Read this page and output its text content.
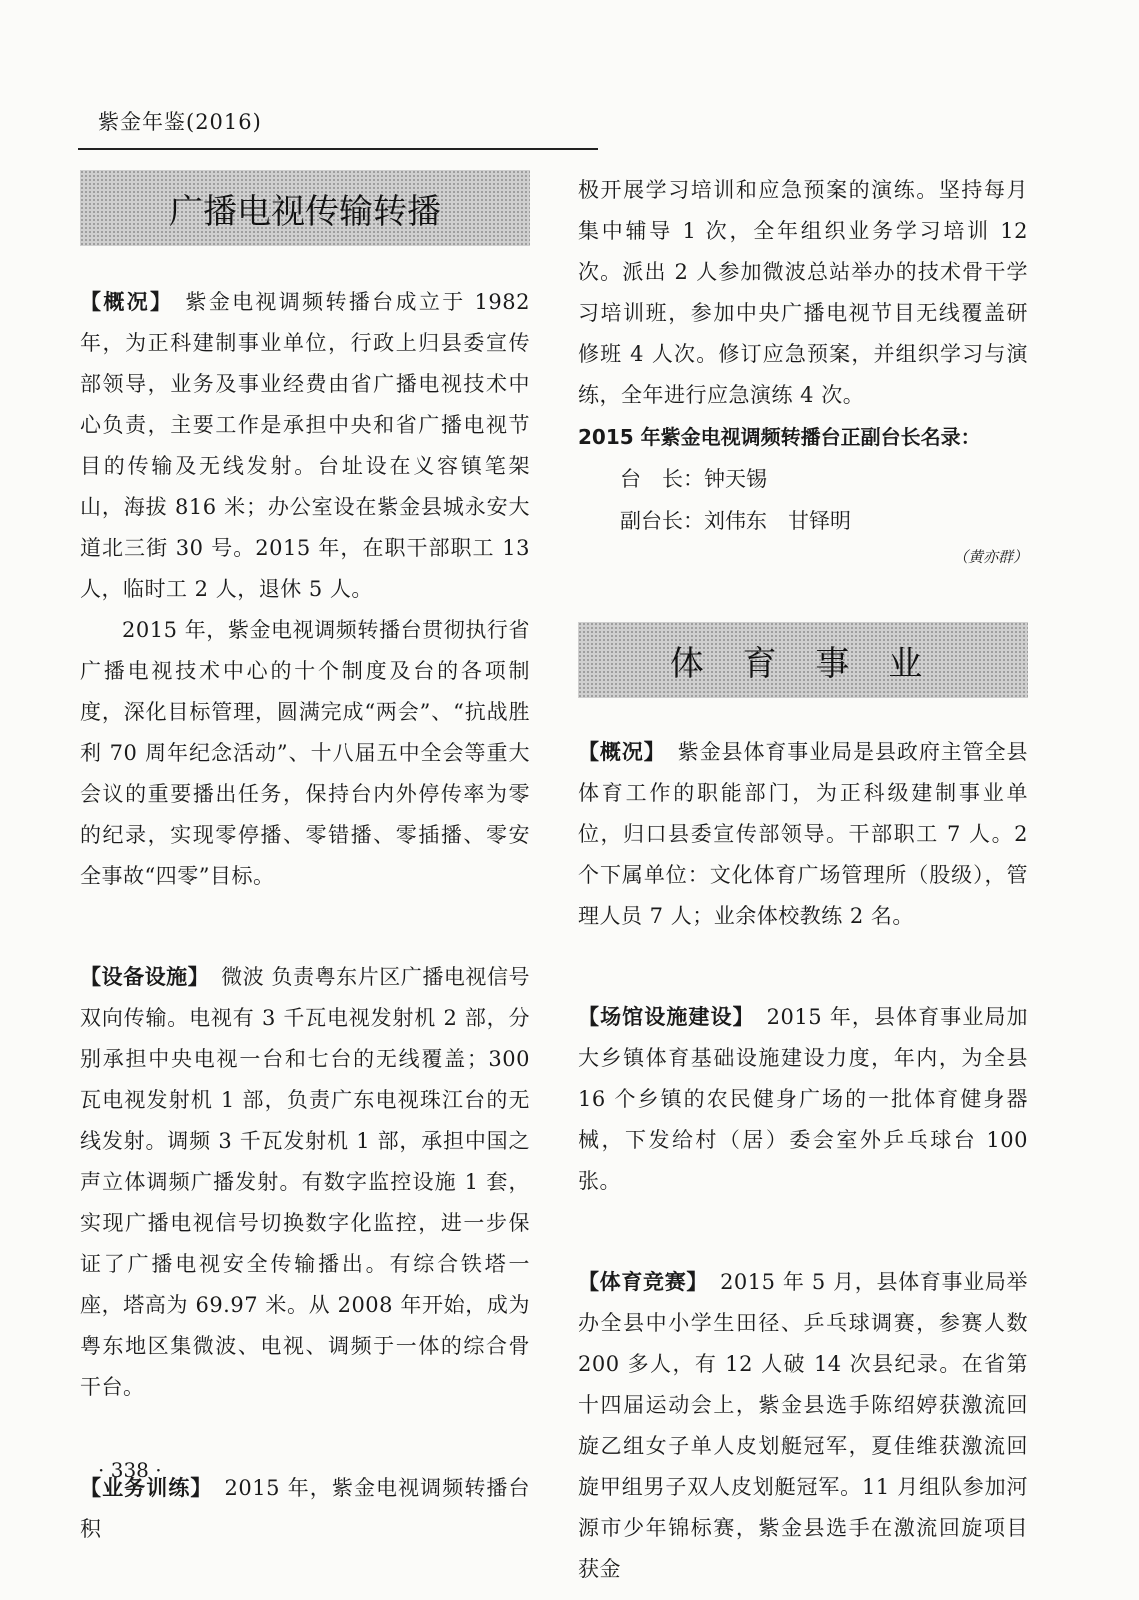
紫金年鉴(2016)
广播电视传输转播

【概况】 紫金电视调频转播台成立于 1982 年，为正科建制事业单位，行政上归县委宣传部领导，业务及事业经费由省广播电视技术中心负责，主要工作是承担中央和省广播电视节目的传输及无线发射。台址设在义容镇笔架山，海拔 816 米；办公室设在紫金县城永安大道北三街 30 号。2015 年，在职干部职工 13 人，临时工 2 人，退休 5 人。

2015 年，紫金电视调频转播台贯彻执行省广播电视技术中心的十个制度及台的各项制度，深化目标管理，圆满完成“两会”、“抗战胜利 70 周年纪念活动”、十八届五中全会等重大会议的重要播出任务，保持台内外停传率为零的纪录，实现零停播、零错播、零插播、零安全事故“四零”目标。

【设备设施】 微波 负责粤东片区广播电视信号双向传输。电视有 3 千瓦电视发射机 2 部，分别承担中央电视一台和七台的无线覆盖；300 瓦电视发射机 1 部，负责广东电视珠江台的无线发射。调频 3 千瓦发射机 1 部，承担中国之声立体调频广播发射。有数字监控设施 1 套，实现广播电视信号切换数字化监控，进一步保证了广播电视安全传输播出。有综合铁塔一座，塔高为 69.97 米。从 2008 年开始，成为粤东地区集微波、电视、调频于一体的综合骨干台。

【业务训练】 2015 年，紫金电视调频转播台积

极开展学习培训和应急预案的演练。坚持每月集中辅导 1 次，全年组织业务学习培训 12 次。派出 2 人参加微波总站举办的技术骨干学习培训班，参加中央广播电视节目无线覆盖研修班 4 人次。修订应急预案，并组织学习与演练，全年进行应急演练 4 次。

2015 年紫金电视调频转播台正副台长名录：
台　长：钟天锡
副台长：刘伟东　甘铎明
（黄亦群）
体 育 事 业

【概况】 紫金县体育事业局是县政府主管全县体育工作的职能部门，为正科级建制事业单位，归口县委宣传部领导。干部职工 7 人。2 个下属单位：文化体育广场管理所（股级），管理人员 7 人；业余体校教练 2 名。

【场馆设施建设】 2015 年，县体育事业局加大乡镇体育基础设施建设力度，年内，为全县 16 个乡镇的农民健身广场的一批体育健身器械，下发给村（居）委会室外乒乓球台 100 张。

【体育竞赛】 2015 年 5 月，县体育事业局举办全县中小学生田径、乒乓球调赛，参赛人数 200 多人，有 12 人破 14 次县纪录。在省第十四届运动会上，紫金县选手陈绍婷获激流回旋乙组女子单人皮划艇冠军，夏佳维获激流回旋甲组男子双人皮划艇冠军。11 月组队参加河源市少年锦标赛，紫金县选手在激流回旋项目获金

· 338 ·
